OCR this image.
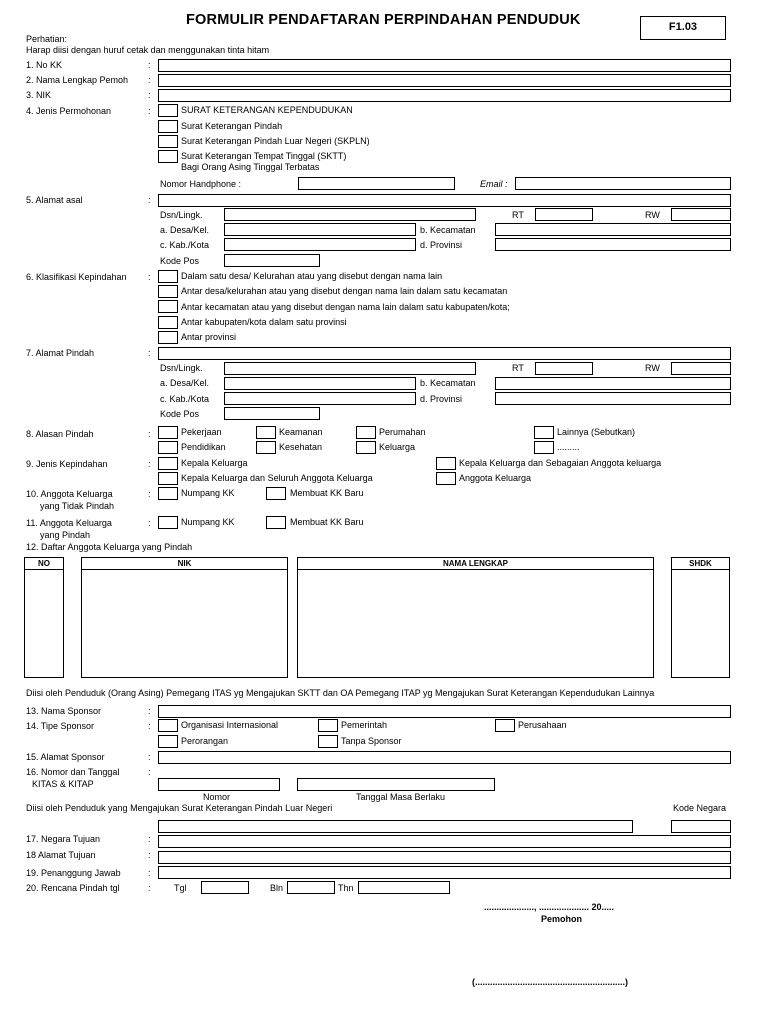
FORMULIR PENDAFTARAN PERPINDAHAN PENDUDUK	F1.03
Perhatian:
Harap diisi dengan huruf cetak dan menggunakan tinta hitam
1. No KK	:
2. Nama Lengkap Pemoh :
3. NIK	:
4. Jenis Permohonan	:	SURAT KETERANGAN KEPENDUDUKAN
Surat Keterangan Pindah
Surat Keterangan Pindah Luar Negeri (SKPLN)
Surat Keterangan Tempat Tinggal (SKTT)
Bagi Orang Asing Tinggal Terbatas
Nomor Handphone :	Email :
5. Alamat asal	:
Dsn/Lingk.	RT	RW
a. Desa/Kel.	b. Kecamatan
c. Kab./Kota	d. Provinsi
Kode Pos
6. Klasifikasi Kepindahan :	Dalam satu desa/ Kelurahan atau yang disebut dengan nama lain
Antar desa/kelurahan atau yang disebut dengan nama lain dalam satu kecamatan
Antar kecamatan atau yang disebut dengan nama lain dalam satu kabupaten/kota;
Antar kabupaten/kota dalam satu provinsi
Antar provinsi
7. Alamat Pindah	:
Dsn/Lingk.	RT	RW
a. Desa/Kel.	b. Kecamatan
c. Kab./Kota	d. Provinsi
Kode Pos
8. Alasan Pindah	:	Pekerjaan	Keamanan	Perumahan	Lainnya (Sebutkan)
Pendidikan	Kesehatan	Keluarga	.........
9. Jenis Kepindahan	:	Kepala Keluarga	Kepala Keluarga dan Sebagaian Anggota keluarga
Kepala Keluarga dan Seluruh Anggota Keluarga	Anggota Keluarga
10. Anggota Keluarga
yang Tidak Pindah
:	Numpang KK	Membuat KK Baru
11. Anggota Keluarga
yang Pindah
:	Numpang KK	Membuat KK Baru
12. Daftar Anggota Keluarga yang Pindah
NO	NIK	NAMA LENGKAP	SHDK
Diisi oleh Penduduk (Orang Asing) Pemegang ITAS yg Mengajukan SKTT dan OA Pemegang ITAP yg Mengajukan Surat Keterangan Kependudukan Lainnya
13. Nama Sponsor	:
14. Tipe Sponsor	:	Organisasi Internasional	Pemerintah	Perusahaan
Perorangan	Tanpa Sponsor
15. Alamat Sponsor	:
16. Nomor dan Tanggal
KITAS & KITAP
:
Nomor	Tanggal Masa Berlaku
Diisi oleh Penduduk yang Mengajukan Surat Keterangan Pindah Luar Negeri	Kode Negara
17. Negara Tujuan	:
18 Alamat Tujuan	:
19. Penanggung Jawab	:
20. Rencana Pindah tgl	:	Tgl	Bln	Thn
...................., .................... 20.....
Pemohon
(............................................................)
